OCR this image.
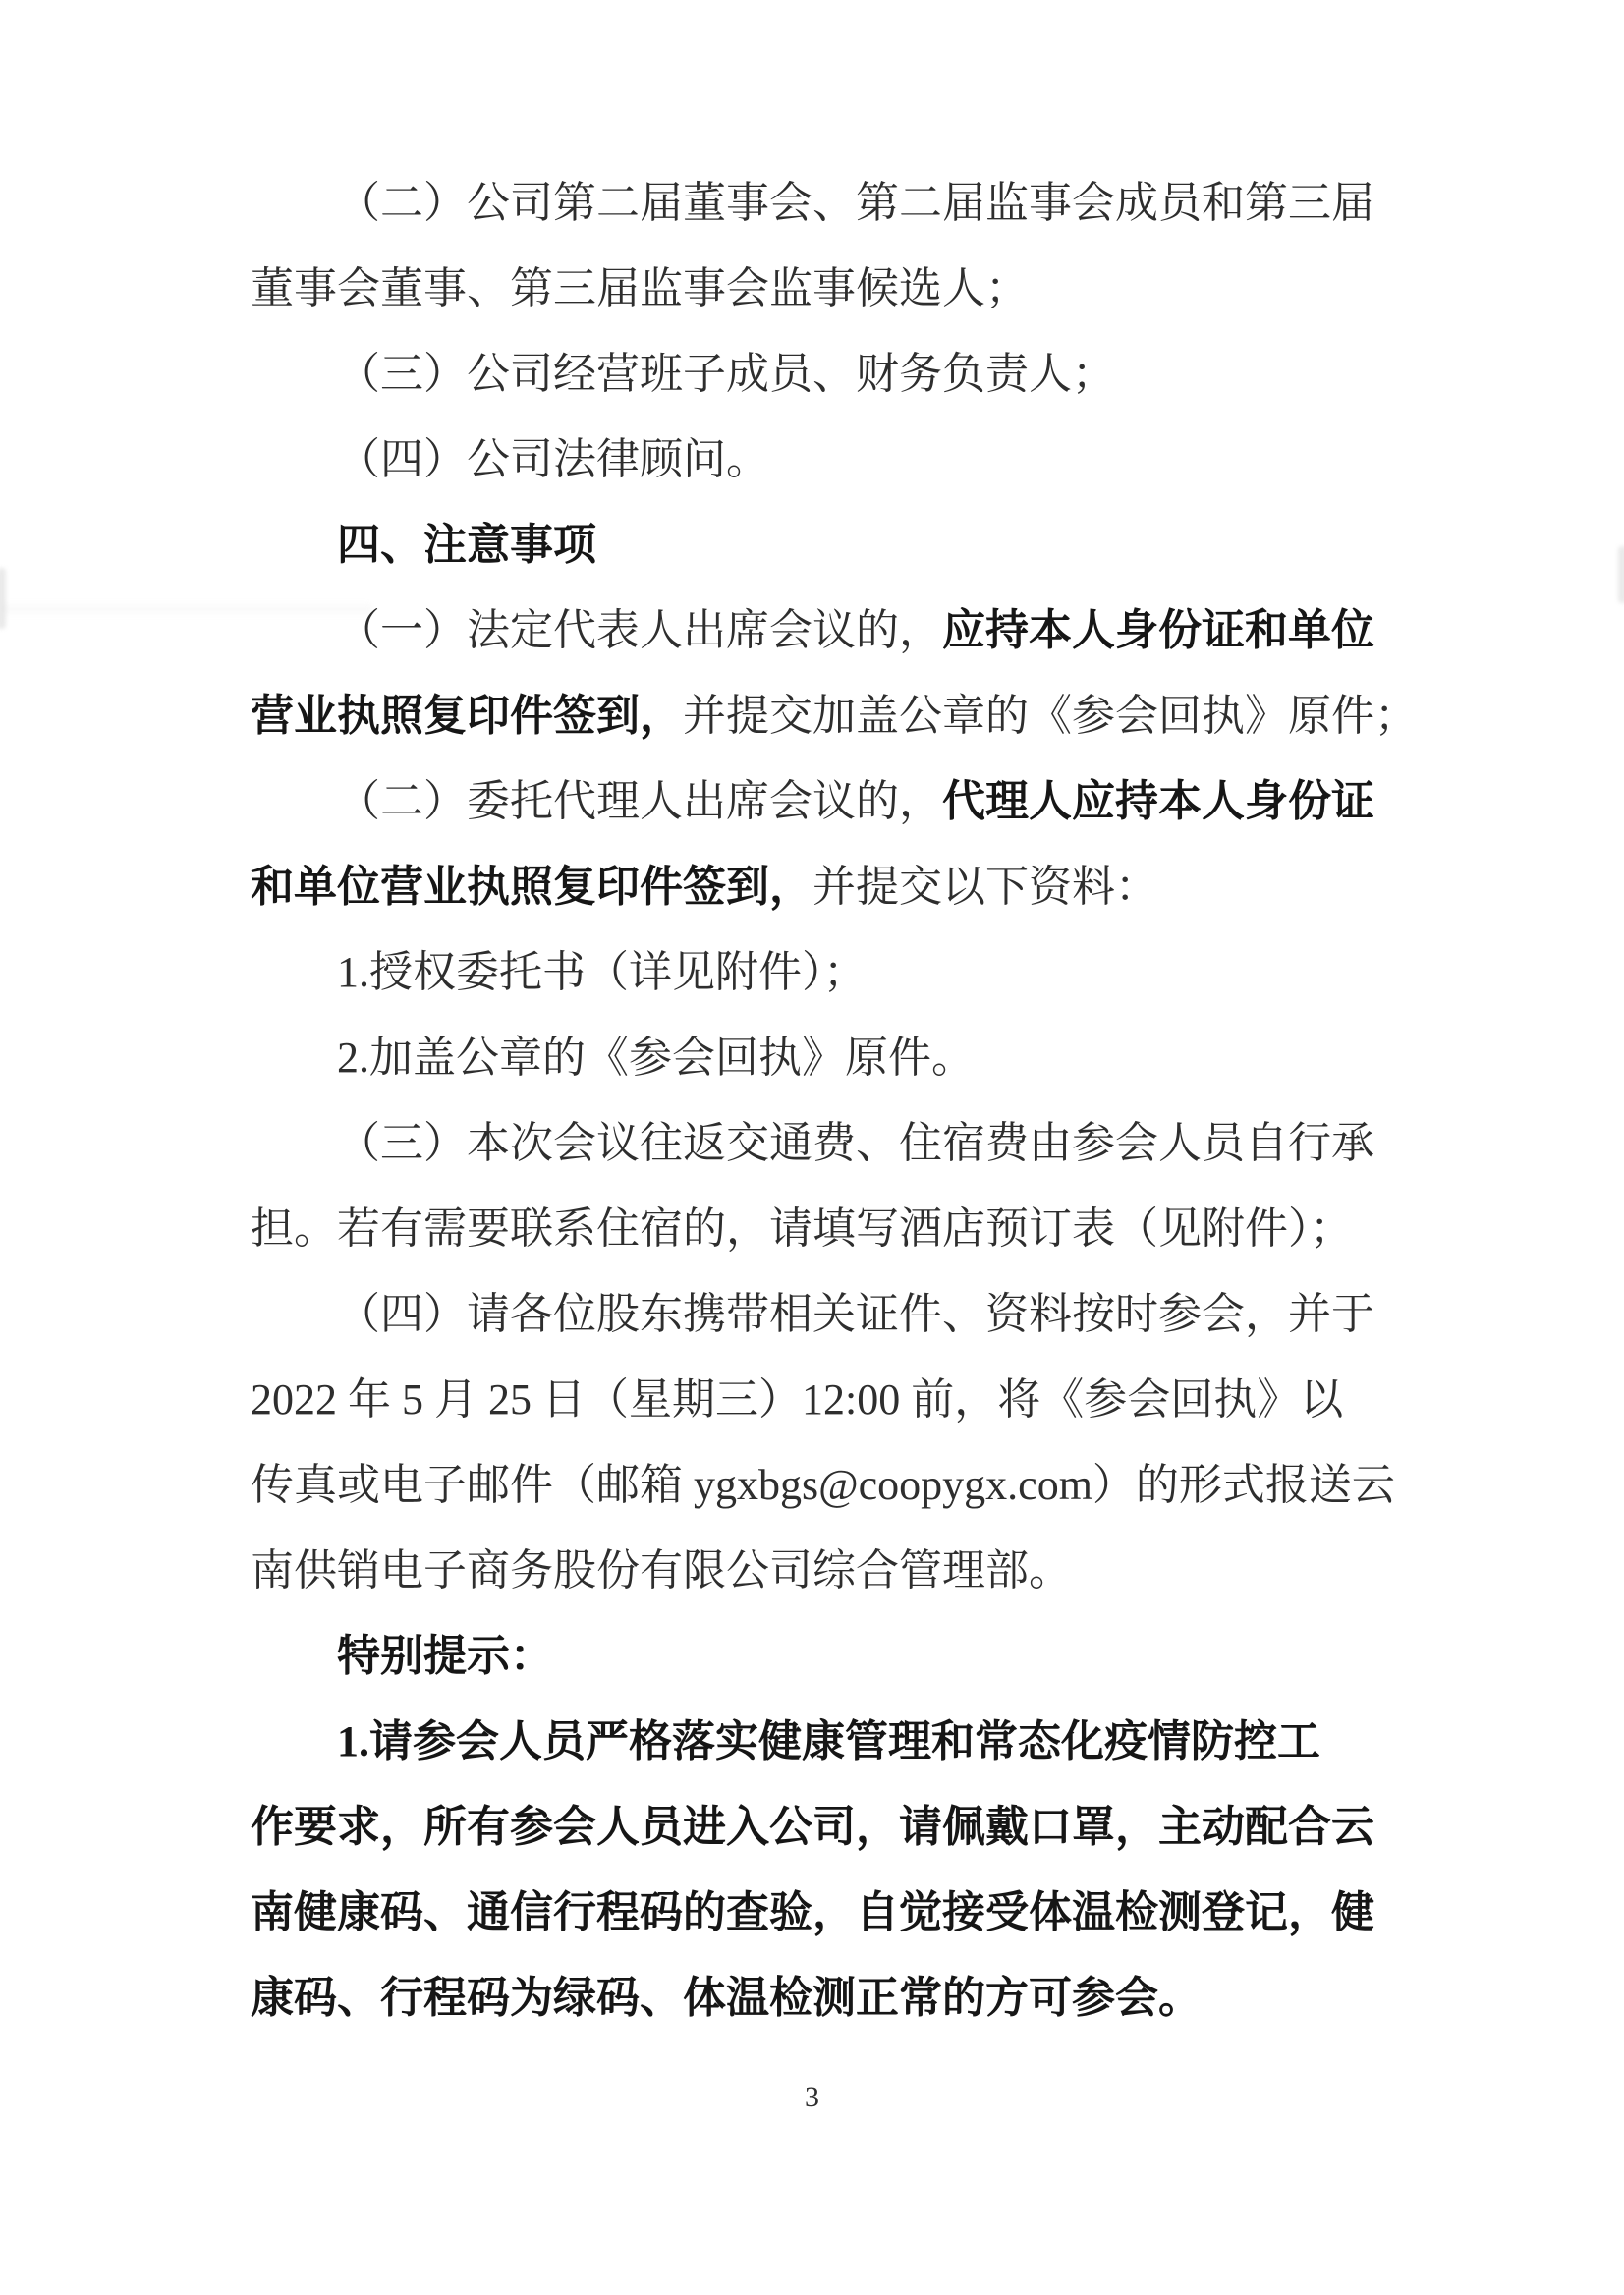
（二）公司第二届董事会、第二届监事会成员和第三届
董事会董事、第三届监事会监事候选人；
（三）公司经营班子成员、财务负责人；
（四）公司法律顾问。
四、注意事项
（一）法定代表人出席会议的，应持本人身份证和单位
营业执照复印件签到，并提交加盖公章的《参会回执》原件；
（二）委托代理人出席会议的，代理人应持本人身份证
和单位营业执照复印件签到，并提交以下资料：
1.授权委托书（详见附件）；
2.加盖公章的《参会回执》原件。
（三）本次会议往返交通费、住宿费由参会人员自行承
担。若有需要联系住宿的，请填写酒店预订表（见附件）；
（四）请各位股东携带相关证件、资料按时参会，并于
2022 年 5 月 25 日（星期三）12:00 前，将《参会回执》以
传真或电子邮件（邮箱 ygxbgs@coopygx.com）的形式报送云
南供销电子商务股份有限公司综合管理部。
特别提示：
1.请参会人员严格落实健康管理和常态化疫情防控工
作要求，所有参会人员进入公司，请佩戴口罩，主动配合云
南健康码、通信行程码的查验，自觉接受体温检测登记，健
康码、行程码为绿码、体温检测正常的方可参会。
3
